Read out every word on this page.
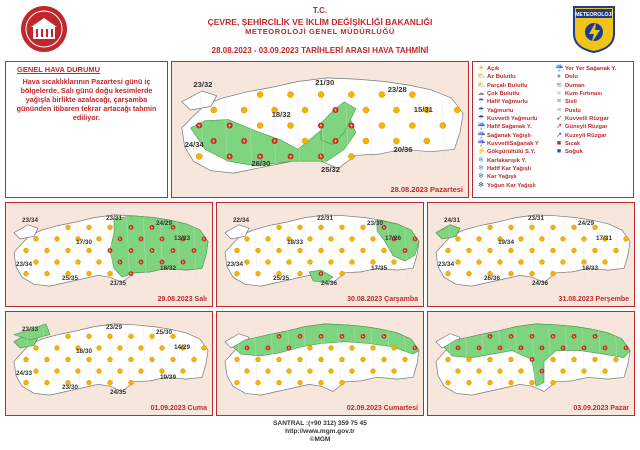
T.C.
ÇEVRE, ŞEHİRCİLİK VE İKLİM DEĞİŞİKLİĞİ BAKANLIĞI
METEOROLOJİ GENEL MÜDÜRLÜĞÜ
28.08.2023 - 03.09.2023 TARİHLERİ ARASI HAVA TAHMİNİ
METEOROLOJİ
GENEL HAVA DURUMU

Hava sıcaklıklarının Pazartesi günü iç bölgelerde, Salı günü doğu kesimlerde yağışla birlikte azalacağı, çarşamba gününden itibaren tekrar artacağı tahmin ediliyor.

28.08.2023 Pazartesi
23/32	21/30
23/28
18/32
15/31
24/34
20/36
26/30
25/32
☀ Açık
⛅ Az Bulutlu
⛅ Parçalı Bulutlu
☁ Çok Bulutlu
☂ Hafif Yağmurlu
☂ Yağmurlu
☂ Kuvvetli Yağmurlu
☔ Hafif Sağanak Y.
☔ Sağanak Yağışlı
☔ KuvvetliSağanak Y
⚡ Gökgürültülü S.Y.
❄ Karlakarışık Y.
❄ Hafif Kar Yağışlı
❄ Kar Yağışlı
❄ Yoğun Kar Yağışlı
☔ Yer Yer Sağanak Y.
● Dolu
≋ Duman
≈ Kum Fırtınası
≡ Sisli
≡ Puslu
➶ Kuvvetli Rüzgar
↗ Güneyli Rüzgar
↗ Kuzeyli Rüzgar
■ Sıcak
■ Soğuk
29.08.2023 Salı
23/34	23/31
24/29
17/30
13/23
23/34
18/32
25/35
21/35
30.08.2023 Çarşamba
22/34	22/31
23/30
18/33
17/26
23/34
17/35
25/35
24/36
31.08.2023 Perşembe
24/31	23/31
24/29
19/34
17/31
23/34
18/33
26/36
24/36
01.09.2023 Cuma
23/33	23/29
25/30
18/30
14/29
24/33
19/39
23/30
24/35
02.09.2023 Cumartesi	03.09.2023 Pazar
SANTRAL :(+90 312) 359 75 45
http://www.mgm.gov.tr
©MGM
